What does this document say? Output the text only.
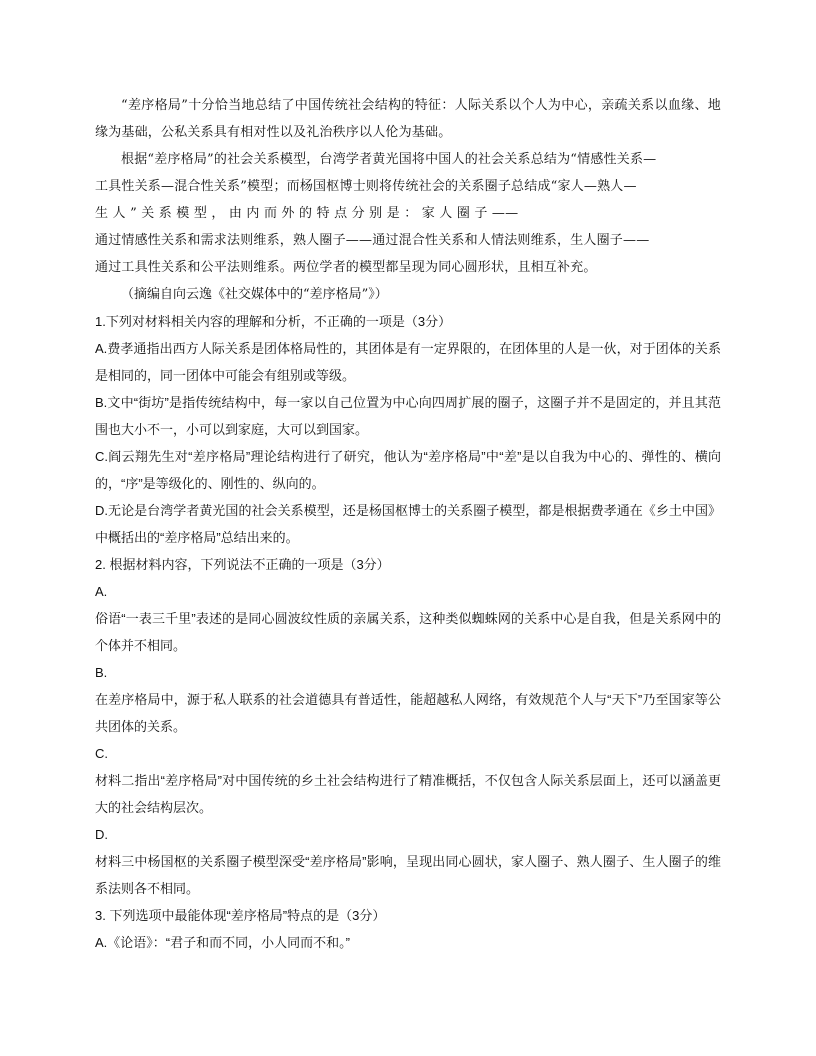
“差序格局”十分恰当地总结了中国传统社会结构的特征：人际关系以个人为中心，亲疏关系以血缘、地缘为基础，公私关系具有相对性以及礼治秩序以人伦为基础。

根据“差序格局”的社会关系模型，台湾学者黄光国将中国人的社会关系总结为“情感性关系—

工具性关系—混合性关系”模型；而杨国枢博士则将传统社会的关系圈子总结成“家人—熟人—

生 人 ” 关 系 模 型 ， 由 内 而 外 的 特 点 分 别 是 ： 家 人 圈 子 ——

通过情感性关系和需求法则维系，熟人圈子——通过混合性关系和人情法则维系，生人圈子——

通过工具性关系和公平法则维系。两位学者的模型都呈现为同心圆形状，且相互补充。

（摘编自向云逸《社交媒体中的“差序格局”》）

1.下列对材料相关内容的理解和分析，不正确的一项是（3分）

A.费孝通指出西方人际关系是团体格局性的，其团体是有一定界限的，在团体里的人是一伙，对于团体的关系是相同的，同一团体中可能会有组别或等级。

B.文中“街坊”是指传统结构中，每一家以自己位置为中心向四周扩展的圈子，这圈子并不是固定的，并且其范围也大小不一，小可以到家庭，大可以到国家。

C.阎云翔先生对“差序格局”理论结构进行了研究，他认为“差序格局”中“差”是以自我为中心的、弹性的、横向的，“序”是等级化的、刚性的、纵向的。

D.无论是台湾学者黄光国的社会关系模型，还是杨国枢博士的关系圈子模型，都是根据费孝通在《乡土中国》中概括出的“差序格局”总结出来的。

2. 根据材料内容，下列说法不正确的一项是（3分）

A.

俗语“一表三千里”表述的是同心圆波纹性质的亲属关系，这种类似蜘蛛网的关系中心是自我，但是关系网中的个体并不相同。

B.

在差序格局中，源于私人联系的社会道德具有普适性，能超越私人网络，有效规范个人与“天下”乃至国家等公共团体的关系。

C.

材料二指出“差序格局”对中国传统的乡土社会结构进行了精准概括，不仅包含人际关系层面上，还可以涵盖更大的社会结构层次。

D.

材料三中杨国枢的关系圈子模型深受“差序格局”影响，呈现出同心圆状，家人圈子、熟人圈子、生人圈子的维系法则各不相同。

3. 下列选项中最能体现“差序格局”特点的是（3分）

A.《论语》：“君子和而不同，小人同而不和。”
